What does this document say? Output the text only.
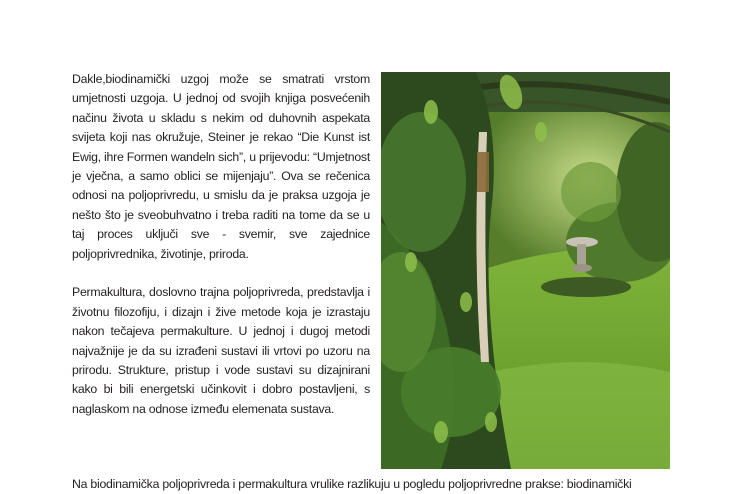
Dakle,biodinamički uzgoj može se smatrati vrstom umjetnosti uzgoja. U jednoj od svojih knjiga posvećenih načinu života u skladu s nekim od duhovnih aspekata svijeta koji nas okružuje, Steiner je rekao “Die Kunst ist Ewig, ihre Formen wandeln sich”, u prijevodu: “Umjetnost je vječna, a samo oblici se mijenjaju”. Ova se rečenica odnosi na poljoprivredu, u smislu da je praksa uzgoja je nešto što je sveobuhvatno i treba raditi na tome da se u taj proces uključi sve - svemir, sve zajednice poljoprivrednika, životinje, priroda.

Permakultura, doslovno trajna poljoprivreda, predstavlja i životnu filozofiju, i dizajn i žive metode koja je izrastaju nakon tečajeva permakulture. U jednoj i dugoj metodi najvažnije je da su izrađeni sustavi ili vrtovi po uzoru na prirodu. Strukture, pristup i vode sustavi su dizajnirani kako bi bili energetski učinkovit i dobro postavljeni, s naglaskom na odnose između elemenata sustava.

Na biodinamička poljoprivreda i permakultura vrulike razlikuju u pogledu poljoprivredne prakse: biodinamički
